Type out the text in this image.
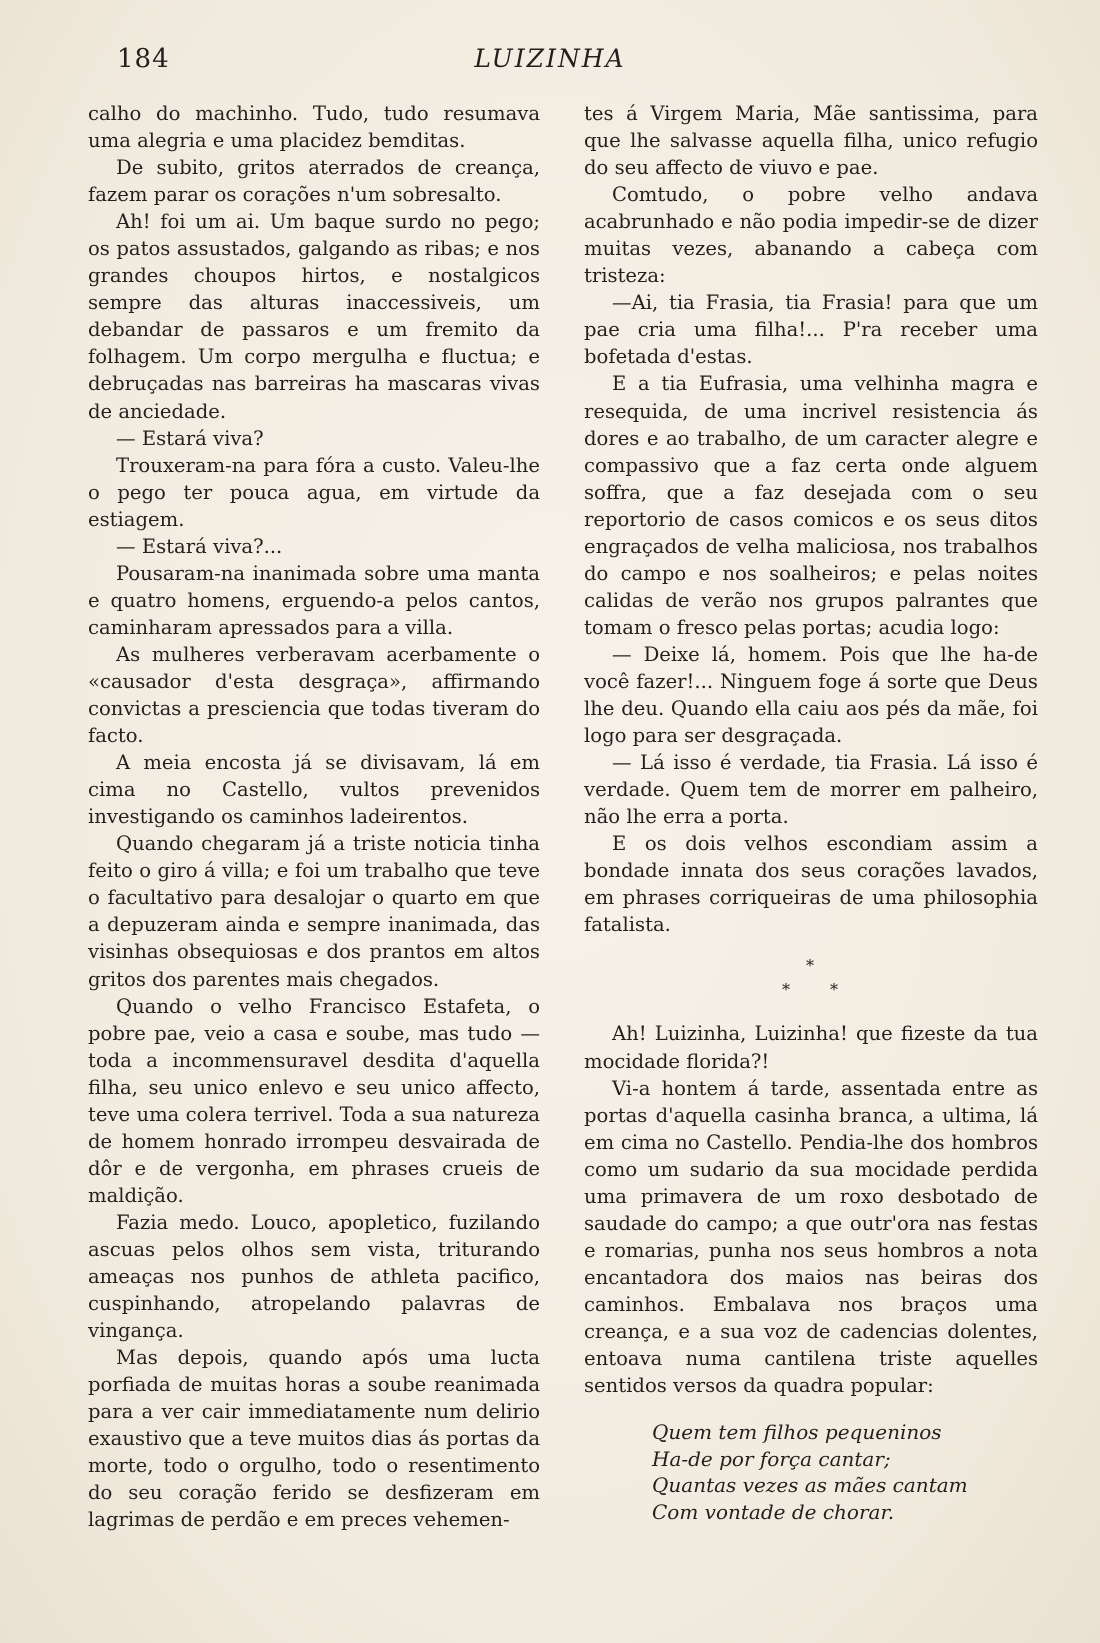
184	LUIZINHA

calho do machinho. Tudo, tudo resumava uma alegria e uma placidez bemditas.

De subito, gritos aterrados de creança, fazem parar os corações n'um sobresalto.

Ah! foi um ai. Um baque surdo no pego; os patos assustados, galgando as ribas; e nos grandes choupos hirtos, e nostalgicos sempre das alturas inaccessiveis, um debandar de passaros e um fremito da folhagem. Um corpo mergulha e fluctua; e debruçadas nas barreiras ha mascaras vivas de anciedade.

— Estará viva?

Trouxeram-na para fóra a custo. Valeu-lhe o pego ter pouca agua, em virtude da estiagem.

— Estará viva?...

Pousaram-na inanimada sobre uma manta e quatro homens, erguendo-a pelos cantos, caminharam apressados para a villa.

As mulheres verberavam acerbamente o «causador d'esta desgraça», affirmando convictas a presciencia que todas tiveram do facto.

A meia encosta já se divisavam, lá em cima no Castello, vultos prevenidos investigando os caminhos ladeirentos.

Quando chegaram já a triste noticia tinha feito o giro á villa; e foi um trabalho que teve o facultativo para desalojar o quarto em que a depuzeram ainda e sempre inanimada, das visinhas obsequiosas e dos prantos em altos gritos dos parentes mais chegados.

Quando o velho Francisco Estafeta, o pobre pae, veio a casa e soube, mas tudo — toda a incommensuravel desdita d'aquella filha, seu unico enlevo e seu unico affecto, teve uma colera terrivel. Toda a sua natureza de homem honrado irrompeu desvairada de dôr e de vergonha, em phrases crueis de maldição.

Fazia medo. Louco, apopletico, fuzilando ascuas pelos olhos sem vista, triturando ameaças nos punhos de athleta pacifico, cuspinhando, atropelando palavras de vingança.

Mas depois, quando após uma lucta porfiada de muitas horas a soube reanimada para a ver cair immediatamente num delirio exaustivo que a teve muitos dias ás portas da morte, todo o orgulho, todo o resentimento do seu coração ferido se desfizeram em lagrimas de perdão e em preces vehemen-

tes á Virgem Maria, Mãe santissima, para que lhe salvasse aquella filha, unico refugio do seu affecto de viuvo e pae.

Comtudo, o pobre velho andava acabrunhado e não podia impedir-se de dizer muitas vezes, abanando a cabeça com tristeza:

—Ai, tia Frasia, tia Frasia! para que um pae cria uma filha!... P'ra receber uma bofetada d'estas.

E a tia Eufrasia, uma velhinha magra e resequida, de uma incrivel resistencia ás dores e ao trabalho, de um caracter alegre e compassivo que a faz certa onde alguem soffra, que a faz desejada com o seu reportorio de casos comicos e os seus ditos engraçados de velha maliciosa, nos trabalhos do campo e nos soalheiros; e pelas noites calidas de verão nos grupos palrantes que tomam o fresco pelas portas; acudia logo:

— Deixe lá, homem. Pois que lhe ha-de você fazer!... Ninguem foge á sorte que Deus lhe deu. Quando ella caiu aos pés da mãe, foi logo para ser desgraçada.

— Lá isso é verdade, tia Frasia. Lá isso é verdade. Quem tem de morrer em palheiro, não lhe erra a porta.

E os dois velhos escondiam assim a bondade innata dos seus corações lavados, em phrases corriqueiras de uma philosophia fatalista.

*
*	*

Ah! Luizinha, Luizinha! que fizeste da tua mocidade florida?!

Vi-a hontem á tarde, assentada entre as portas d'aquella casinha branca, a ultima, lá em cima no Castello. Pendia-lhe dos hombros como um sudario da sua mocidade perdida uma primavera de um roxo desbotado de saudade do campo; a que outr'ora nas festas e romarias, punha nos seus hombros a nota encantadora dos maios nas beiras dos caminhos. Embalava nos braços uma creança, e a sua voz de cadencias dolentes, entoava numa cantilena triste aquelles sentidos versos da quadra popular:

Quem tem filhos pequeninos
Ha-de por força cantar;
Quantas vezes as mães cantam
Com vontade de chorar.
